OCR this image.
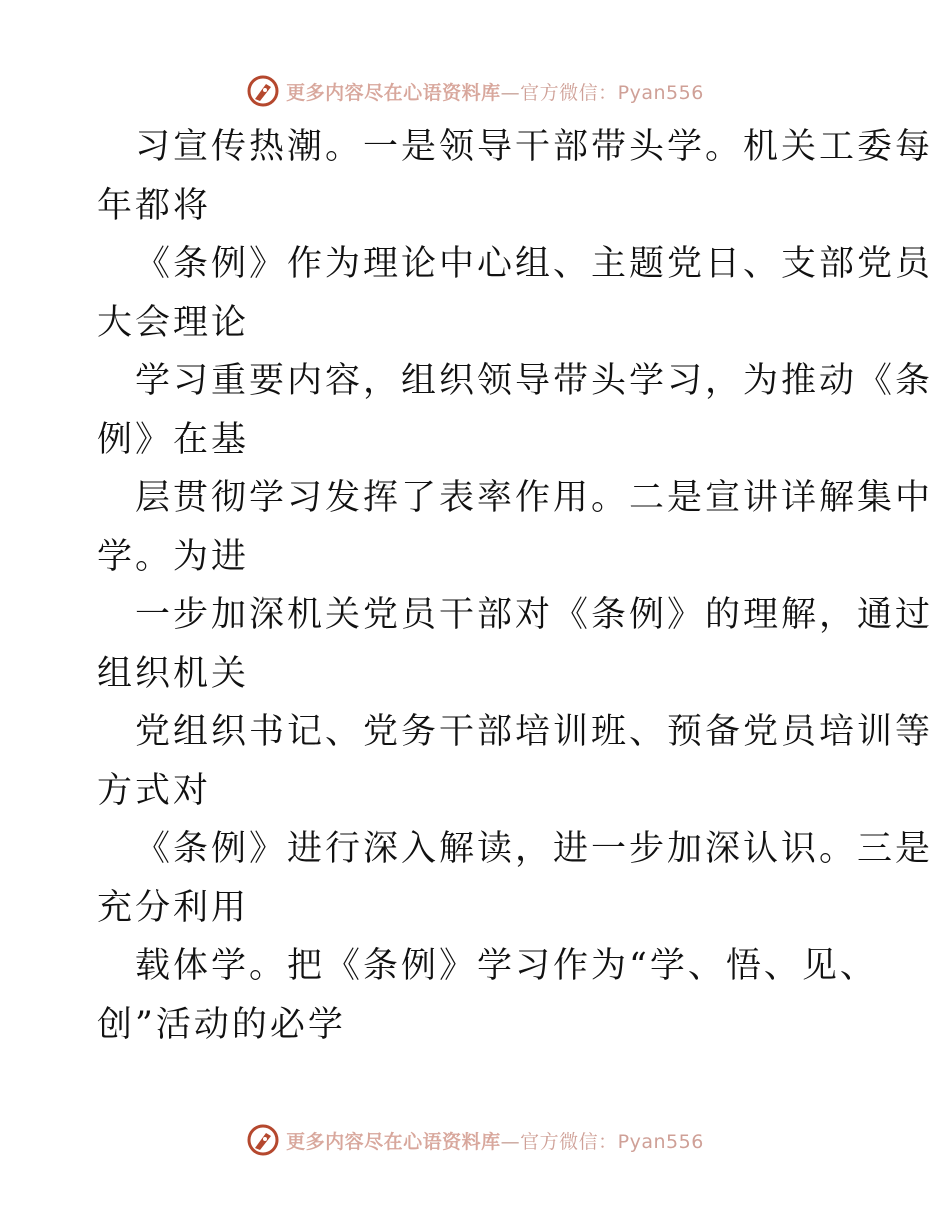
更多内容尽在心语资料库—官方微信：Pyan556
习宣传热潮。一是领导干部带头学。机关工委每
年都将
《条例》作为理论中心组、主题党日、支部党员
大会理论
学习重要内容，组织领导带头学习，为推动《条
例》在基
层贯彻学习发挥了表率作用。二是宣讲详解集中
学。为进
一步加深机关党员干部对《条例》的理解，通过
组织机关
党组织书记、党务干部培训班、预备党员培训等
方式对
《条例》进行深入解读，进一步加深认识。三是
充分利用
载体学。把《条例》学习作为“学、悟、见、
创”活动的必学
更多内容尽在心语资料库—官方微信：Pyan556
